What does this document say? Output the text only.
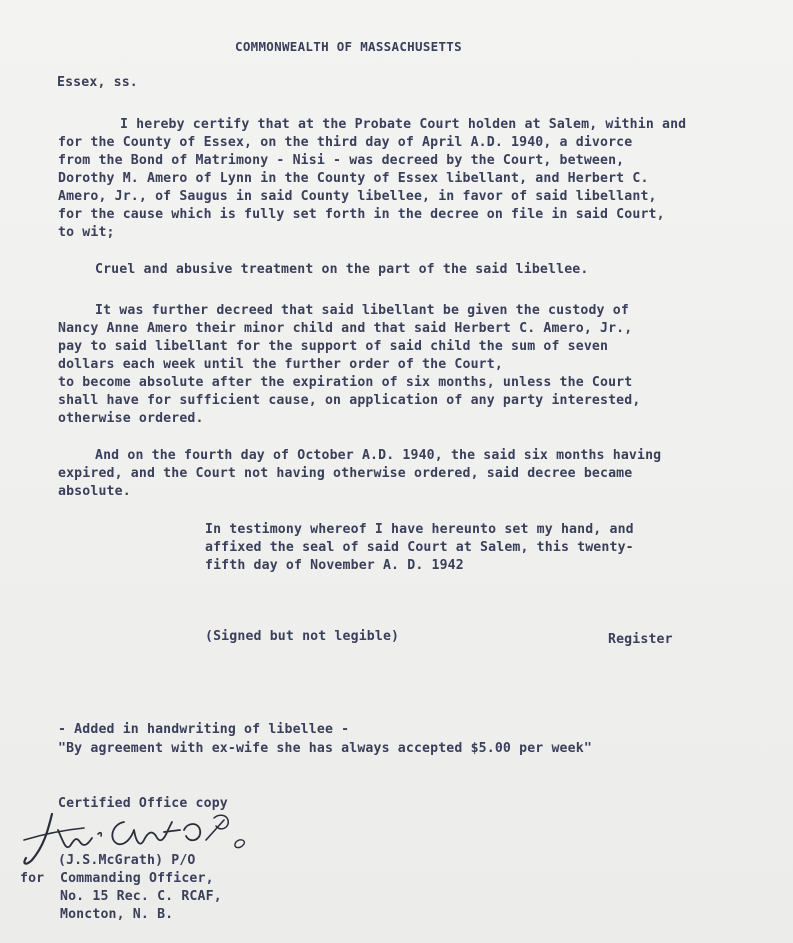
COMMONWEALTH OF MASSACHUSETTS
Essex, ss.
I hereby certify that at the Probate Court holden at Salem, within and
for the County of Essex, on the third day of April A.D. 1940, a divorce
from the Bond of Matrimony - Nisi - was decreed by the Court, between,
Dorothy M. Amero of Lynn in the County of Essex libellant, and Herbert C.
Amero, Jr., of Saugus in said County libellee, in favor of said libellant,
for the cause which is fully set forth in the decree on file in said Court,
to wit;
Cruel and abusive treatment on the part of the said libellee.
It was further decreed that said libellant be given the custody of
Nancy Anne Amero their minor child and that said Herbert C. Amero, Jr.,
pay to said libellant for the support of said child the sum of seven
dollars each week until the further order of the Court,
to become absolute after the expiration of six months, unless the Court
shall have for sufficient cause, on application of any party interested,
otherwise ordered.
And on the fourth day of October A.D. 1940, the said six months having
expired, and the Court not having otherwise ordered, said decree became
absolute.
In testimony whereof I have hereunto set my hand, and
affixed the seal of said Court at Salem, this twenty-
fifth day of November A. D. 1942
(Signed but not legible)	Register
- Added in handwriting of libellee -
"By agreement with ex-wife she has always accepted $5.00 per week"
Certified Office copy
(J.S.McGrath) P/O
for Commanding Officer,
No. 15 Rec. C. RCAF,
Moncton, N. B.
